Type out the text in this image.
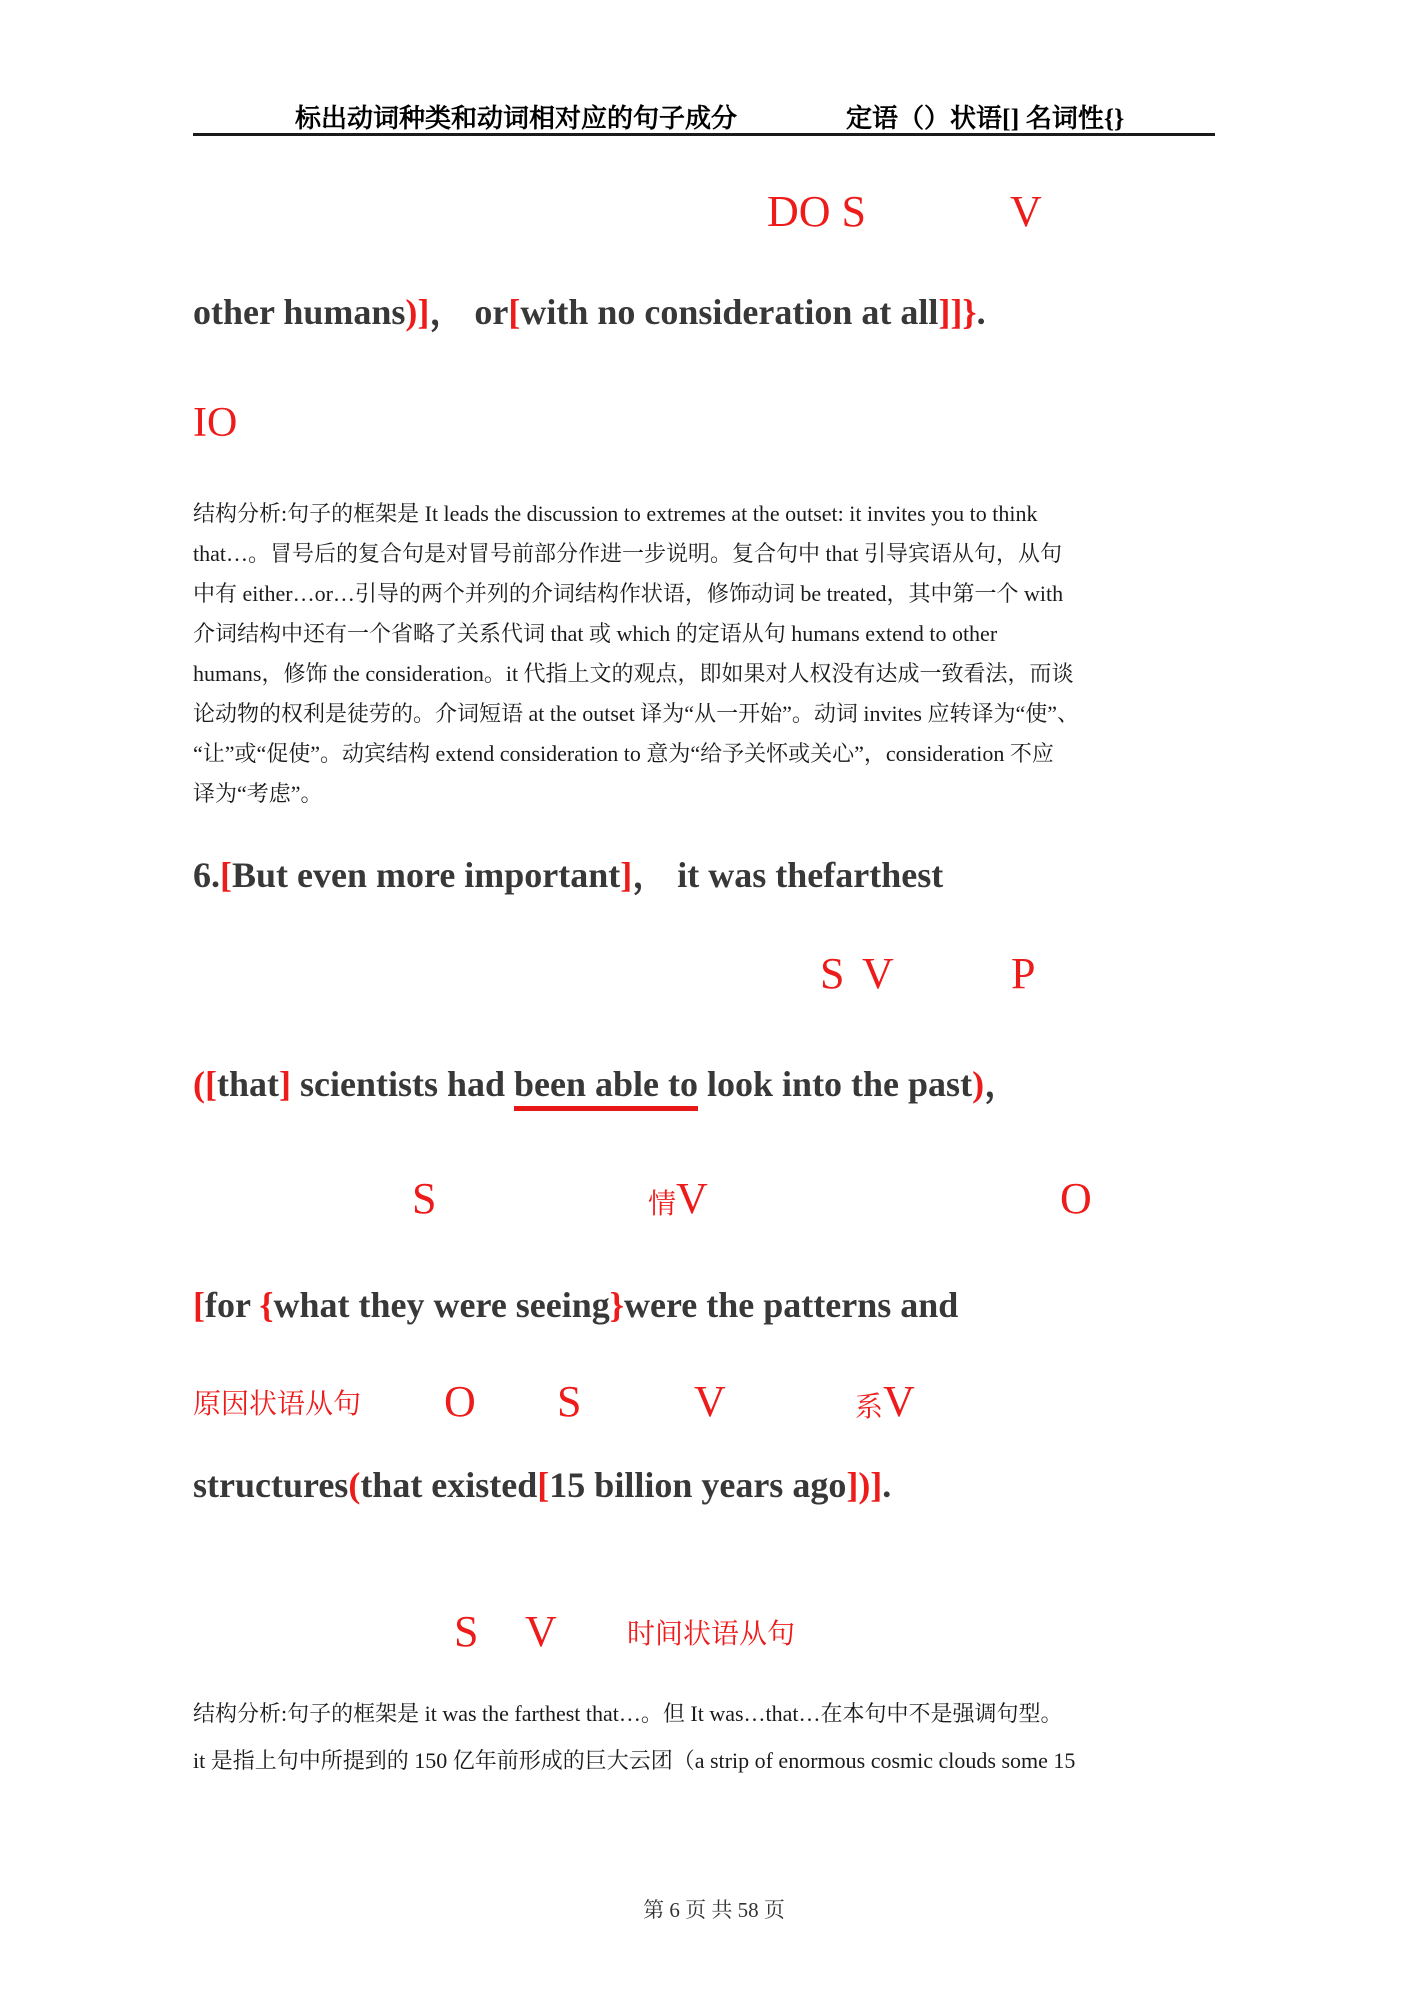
标出动词种类和动词相对应的句子成分	定语（）状语[] 名词性{}
DO S	V
other humans)]， or[with no consideration at all]]}.
IO
结构分析:句子的框架是 It leads the discussion to extremes at the outset: it invites you to think
that…。冒号后的复合句是对冒号前部分作进一步说明。复合句中 that 引导宾语从句，从句
中有 either…or…引导的两个并列的介词结构作状语，修饰动词 be treated，其中第一个 with
介词结构中还有一个省略了关系代词 that 或 which 的定语从句 humans extend to other
humans，修饰 the consideration。it 代指上文的观点，即如果对人权没有达成一致看法，而谈
论动物的权利是徒劳的。介词短语 at the outset 译为“从一开始”。动词 invites 应转译为“使”、
“让”或“促使”。动宾结构 extend consideration to 意为“给予关怀或关心”，consideration 不应
译为“考虑”。
6.[But even more important]， it was thefarthest
S V	P
([that] scientists had been able to look into the past)，
S	情V	O
[for {what they were seeing}were the patterns and
原因状语从句 O S	V	系V
structures(that existed[15 billion years ago])].
S V	时间状语从句
结构分析:句子的框架是 it was the farthest that…。但 It was…that…在本句中不是强调句型。
it 是指上句中所提到的 150 亿年前形成的巨大云团（a strip of enormous cosmic clouds some 15
第 6 页 共 58 页
